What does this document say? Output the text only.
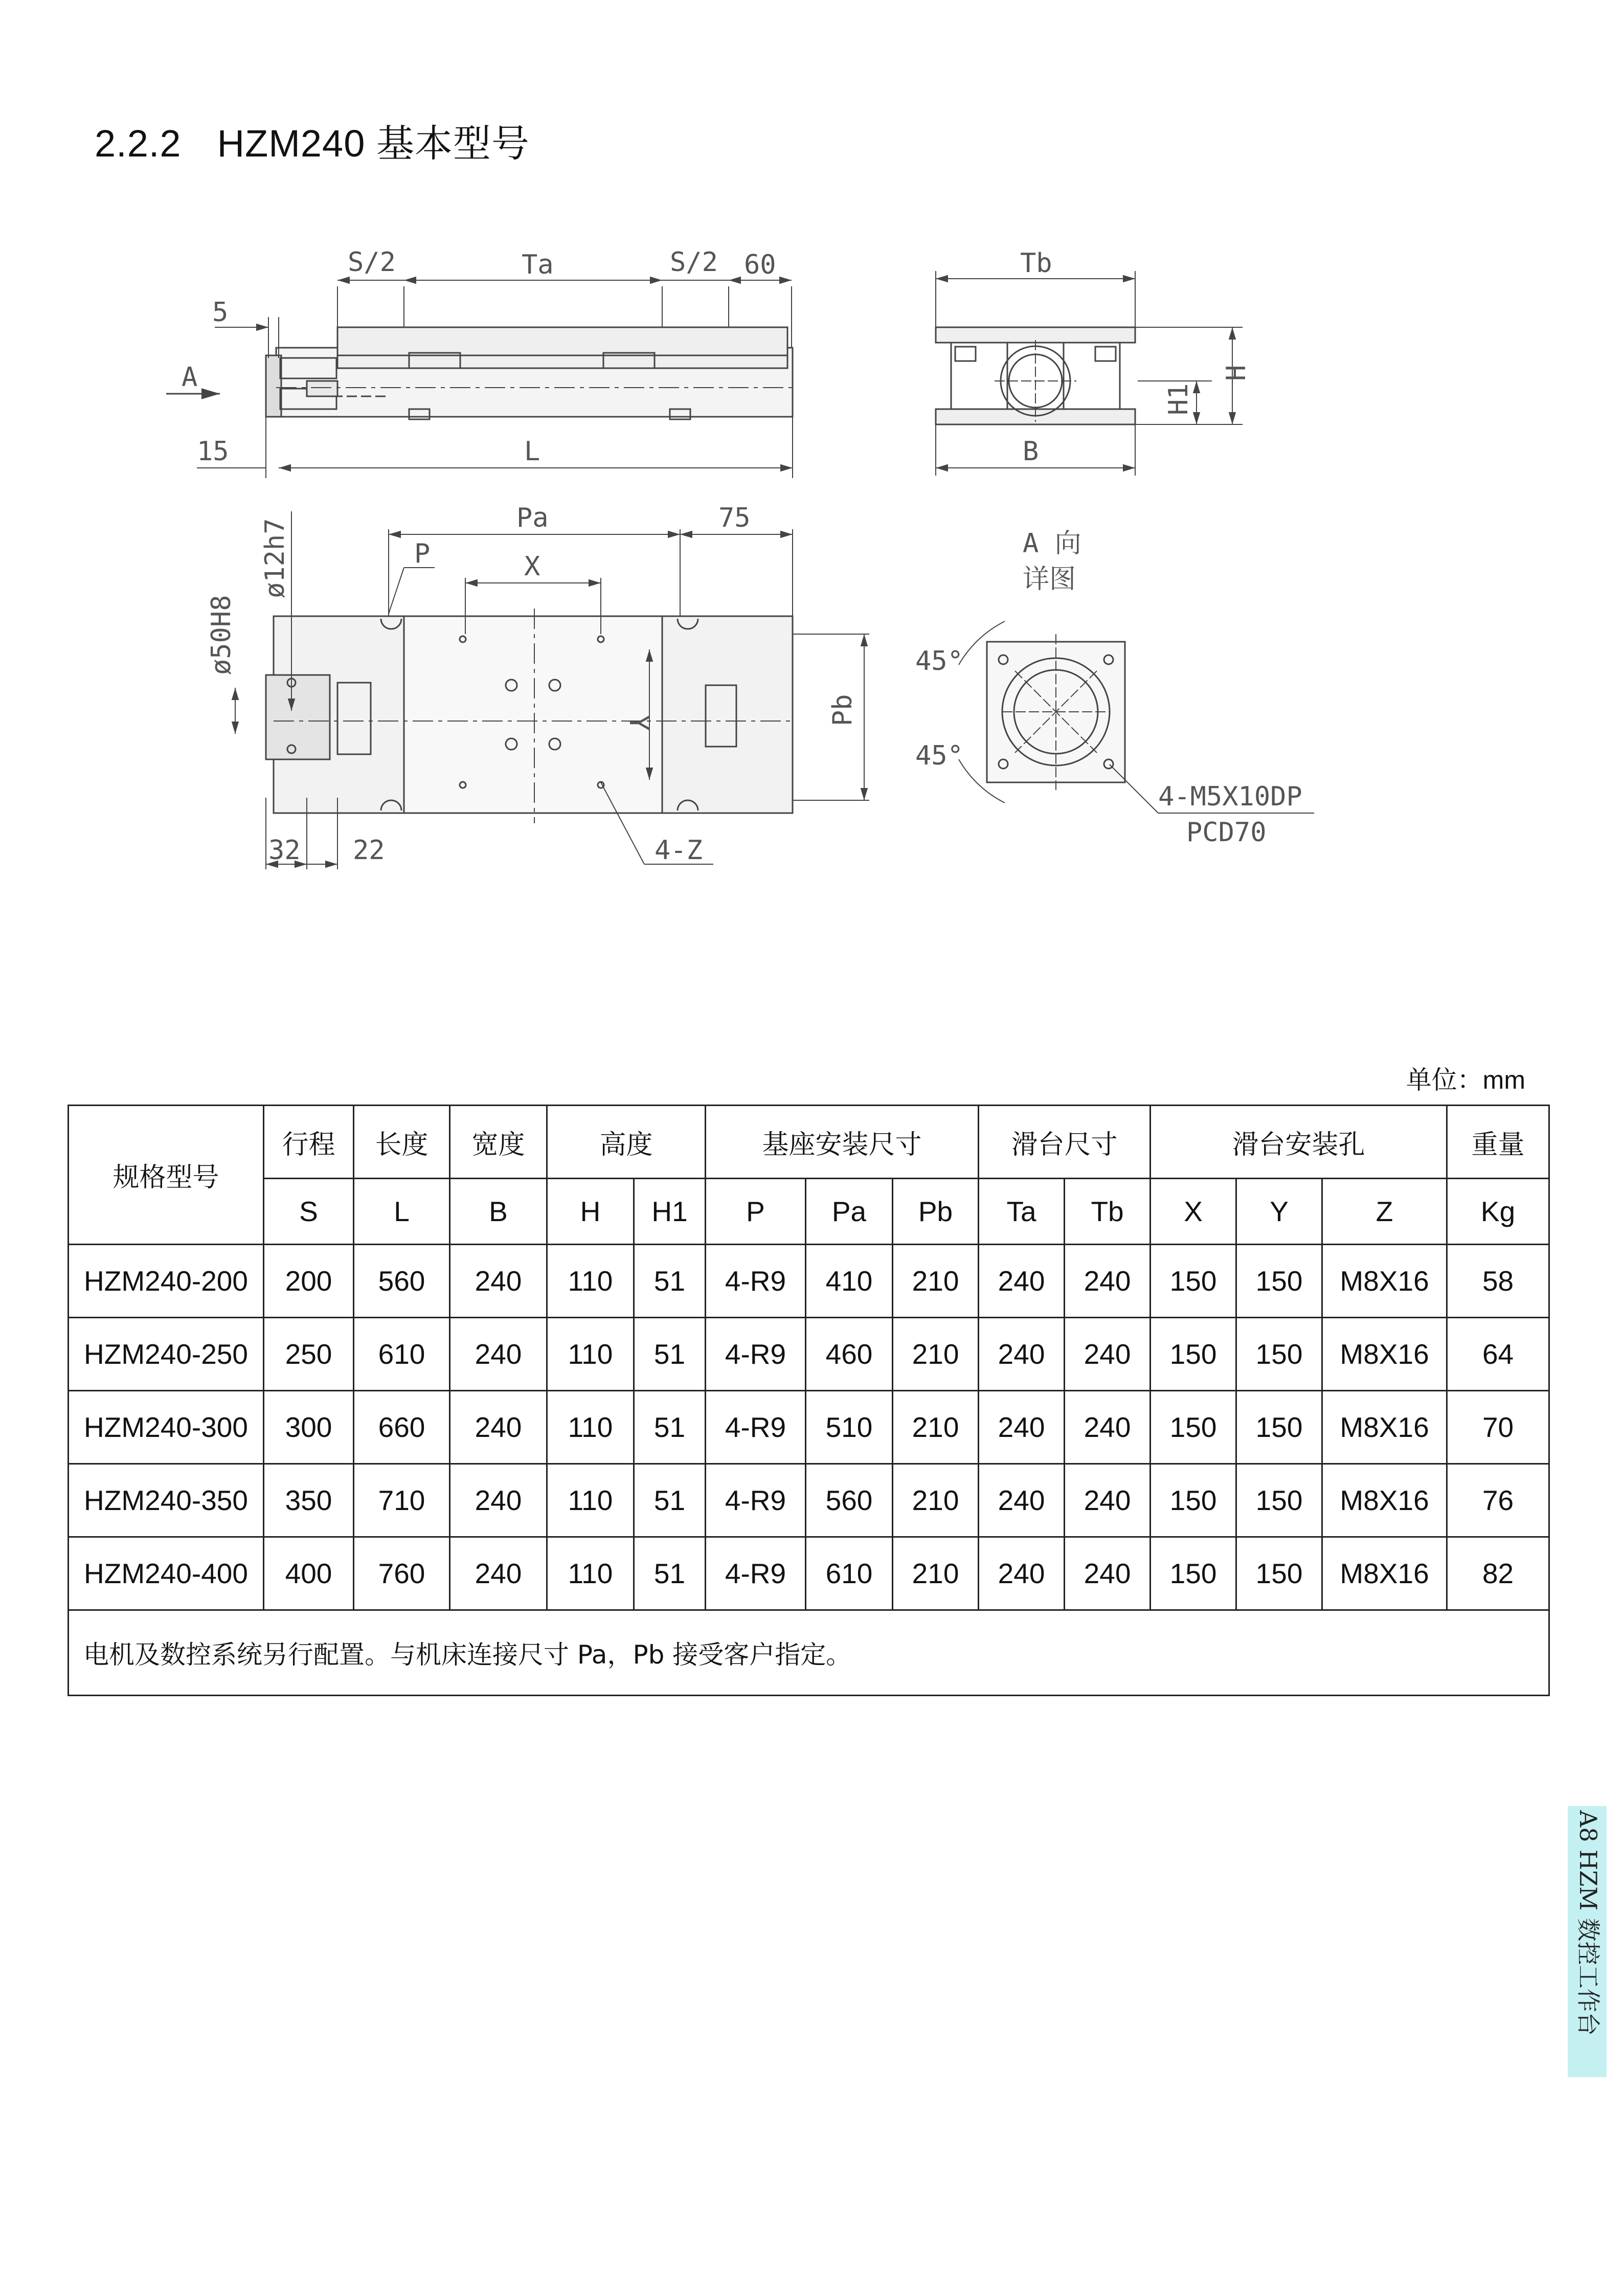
2.2.2 HZM240 基本型号
S/2	Ta	S/2 60
5
A
15	L
Tb
H
H1
B
Pa	75
P	X
Y	Pb
ø12h7
ø50H8
32 22	4-Z
A 向
详图
45°
45°
4-M5X10DP
PCD70
单位：mm
规格型号	行程	长度	宽度	高度		基座安装尺寸			滑台尺寸		滑台安装孔			重量
	S	L	B	H	H1	P	Pa	Pb	Ta	Tb	X	Y	Z	Kg
HZM240-200	200	560	240	110	51	4-R9	410	210	240	240	150	150	M8X16	58
HZM240-250	250	610	240	110	51	4-R9	460	210	240	240	150	150	M8X16	64
HZM240-300	300	660	240	110	51	4-R9	510	210	240	240	150	150	M8X16	70
HZM240-350	350	710	240	110	51	4-R9	560	210	240	240	150	150	M8X16	76
HZM240-400	400	760	240	110	51	4-R9	610	210	240	240	150	150	M8X16	82
电机及数控系统另行配置。与机床连接尺寸 Pa，Pb 接受客户指定。														
A8 HZM 数控工作台
